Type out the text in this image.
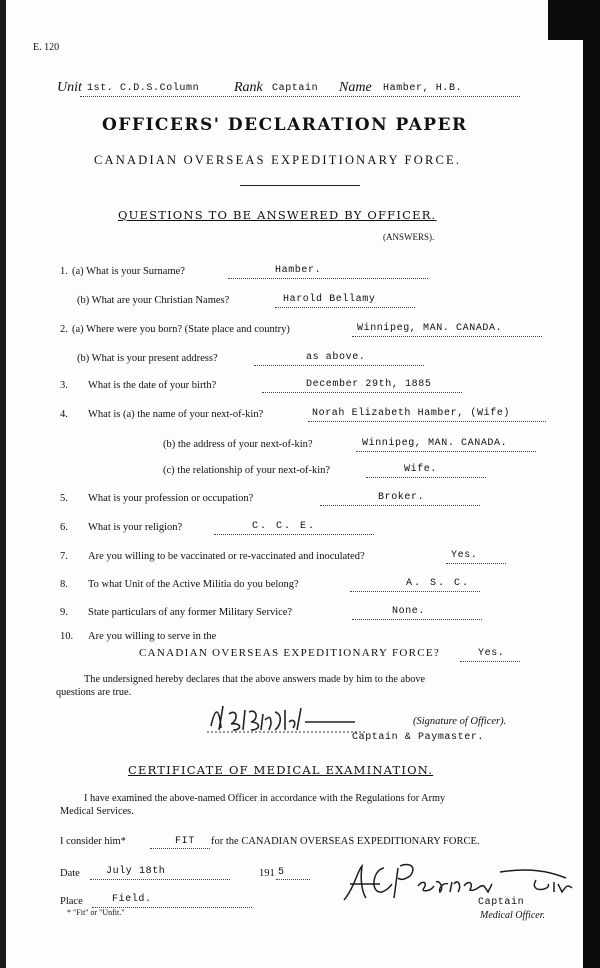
E. 120
Unit 1st. C.D.S.Column Rank Captain Name Hamber, H.B.
OFFICERS' DECLARATION PAPER
CANADIAN OVERSEAS EXPEDITIONARY FORCE.
QUESTIONS TO BE ANSWERED BY OFFICER.
(ANSWERS).
1. (a) What is your Surname?	Hamber.
(b) What are your Christian Names?	Harold Bellamy
2. (a) Where were you born? (State place and country)	Winnipeg, MAN. CANADA.
(b) What is your present address?	as above.
3. What is the date of your birth?	December 29th, 1885
4. What is (a) the name of your next-of-kin?	Norah Elizabeth Hamber, (Wife)
(b) the address of your next-of-kin?	Winnipeg, MAN. CANADA.
(c) the relationship of your next-of-kin?	Wife.
5. What is your profession or occupation?	Broker.
6. What is your religion?	C. C. E.
7. Are you willing to be vaccinated or re-vaccinated and inoculated?	Yes.
8. To what Unit of the Active Militia do you belong?	A. S. C.
9. State particulars of any former Military Service?	None.
10. Are you willing to serve in the
CANADIAN OVERSEAS EXPEDITIONARY FORCE?	Yes.
The undersigned hereby declares that the above answers made by him to the above
questions are true.
(Signature of Officer).
Captain & Paymaster.
CERTIFICATE OF MEDICAL EXAMINATION.
I have examined the above-named Officer in accordance with the Regulations for Army
Medical Services.
I consider him*	FIT for the CANADIAN OVERSEAS EXPEDITIONARY FORCE.
Date	July 18th	191 5
Place	Field.
* "Fit" or "Unfit."
Captain
Medical Officer.
